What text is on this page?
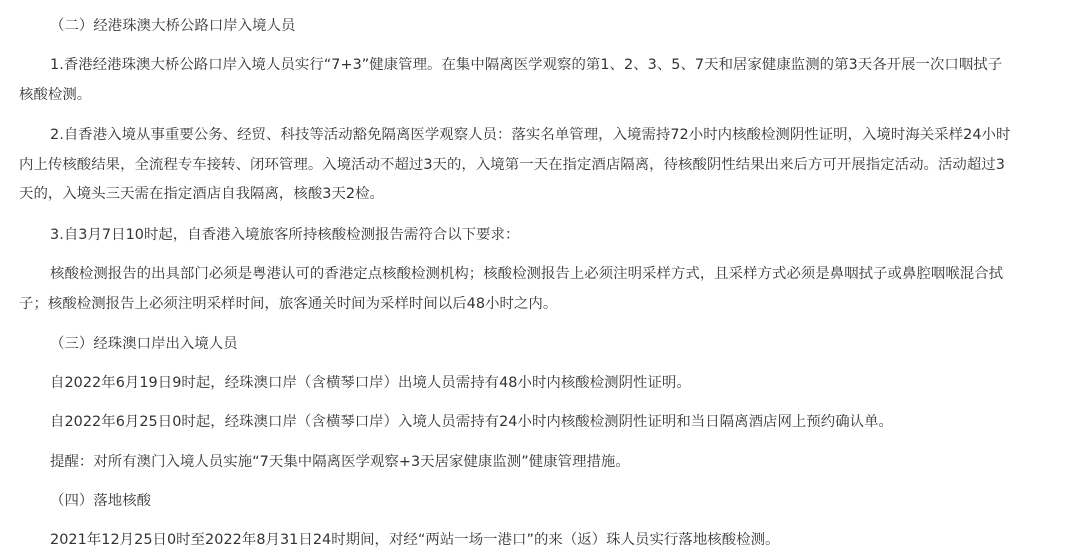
（二）经港珠澳大桥公路口岸入境人员
1.香港经港珠澳大桥公路口岸入境人员实行“7+3”健康管理。在集中隔离医学观察的第1、2、3、5、7天和居家健康监测的第3天各开展一次口咽拭子
核酸检测。
2.自香港入境从事重要公务、经贸、科技等活动豁免隔离医学观察人员：落实名单管理，入境需持72小时内核酸检测阴性证明，入境时海关采样24小时
内上传核酸结果，全流程专车接转、闭环管理。入境活动不超过3天的，入境第一天在指定酒店隔离，待核酸阴性结果出来后方可开展指定活动。活动超过3
天的，入境头三天需在指定酒店自我隔离，核酸3天2检。
3.自3月7日10时起，自香港入境旅客所持核酸检测报告需符合以下要求：
核酸检测报告的出具部门必须是粤港认可的香港定点核酸检测机构；核酸检测报告上必须注明采样方式，且采样方式必须是鼻咽拭子或鼻腔咽喉混合拭
子；核酸检测报告上必须注明采样时间，旅客通关时间为采样时间以后48小时之内。
（三）经珠澳口岸出入境人员
自2022年6月19日9时起，经珠澳口岸（含横琴口岸）出境人员需持有48小时内核酸检测阴性证明。
自2022年6月25日0时起，经珠澳口岸（含横琴口岸）入境人员需持有24小时内核酸检测阴性证明和当日隔离酒店网上预约确认单。
提醒：对所有澳门入境人员实施“7天集中隔离医学观察+3天居家健康监测”健康管理措施。
（四）落地核酸
2021年12月25日0时至2022年8月31日24时期间，对经“两站一场一港口”的来（返）珠人员实行落地核酸检测。
